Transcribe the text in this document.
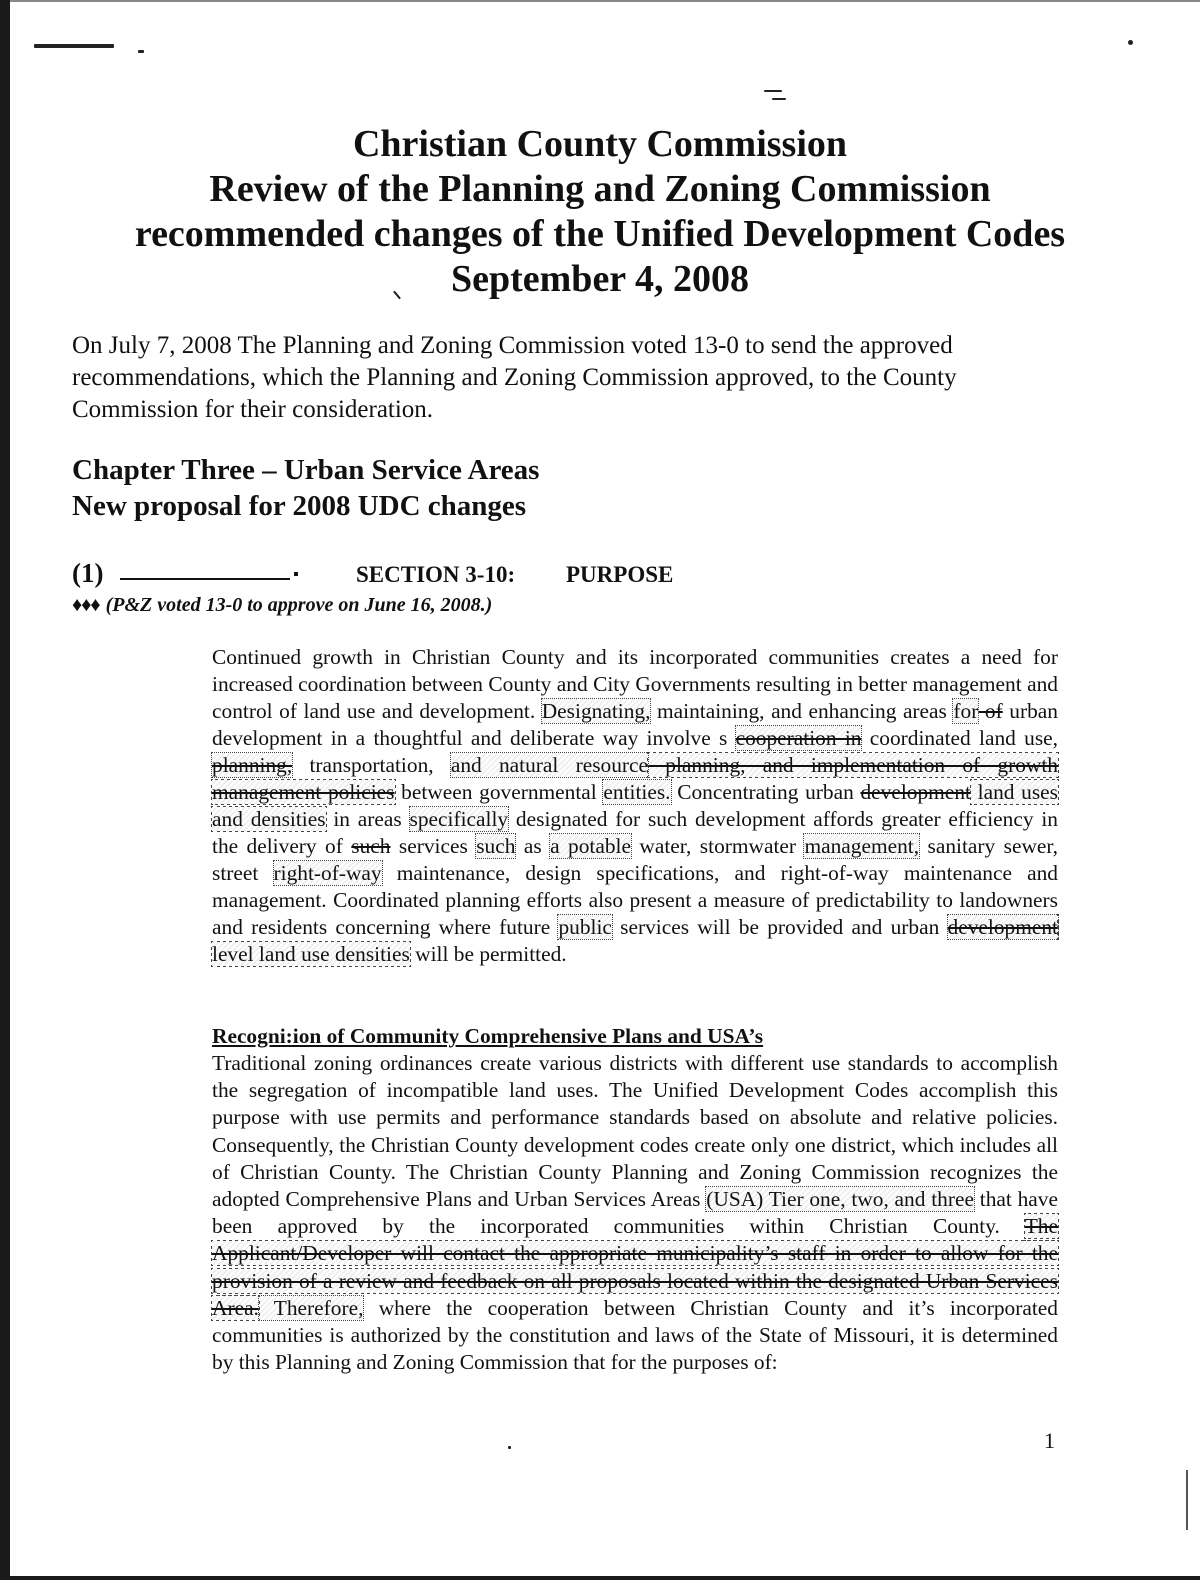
Christian County Commission
Review of the Planning and Zoning Commission
recommended changes of the Unified Development Codes
September 4, 2008
On July 7, 2008 The Planning and Zoning Commission voted 13-0 to send the approved recommendations, which the Planning and Zoning Commission approved, to the County Commission for their consideration.
Chapter Three – Urban Service Areas
New proposal for 2008 UDC changes
(1)	SECTION 3-10: PURPOSE
♦♦♦ (P&Z voted 13-0 to approve on June 16, 2008.)

Continued growth in Christian County and its incorporated communities creates a need for increased coordination between County and City Governments resulting in better management and control of land use and development. Designating, maintaining, and enhancing areas for of urban development in a thoughtful and deliberate way involve s cooperation in coordinated land use, planning, transportation, and natural resource planning, and implementation of growth management policies between governmental entities. Concentrating urban development land uses and densities in areas specifically designated for such development affords greater efficiency in the delivery of such services such as a potable water, stormwater management, sanitary sewer, street right-of-way maintenance, design specifications, and right-of-way maintenance and management. Coordinated planning efforts also present a measure of predictability to landowners and residents concerning where future public services will be provided and urban development level land use densities will be permitted.

Recogni:ion of Community Comprehensive Plans and USA’s

Traditional zoning ordinances create various districts with different use standards to accomplish the segregation of incompatible land uses. The Unified Development Codes accomplish this purpose with use permits and performance standards based on absolute and relative policies. Consequently, the Christian County development codes create only one district, which includes all of Christian County. The Christian County Planning and Zoning Commission recognizes the adopted Comprehensive Plans and Urban Services Areas (USA) Tier one, two, and three that have been approved by the incorporated communities within Christian County. The Applicant/Developer will contact the appropriate municipality’s staff in order to allow for the provision of a review and feedback on all proposals located within the designated Urban Services Area. Therefore, where the cooperation between Christian County and it’s incorporated communities is authorized by the constitution and laws of the State of Missouri, it is determined by this Planning and Zoning Commission that for the purposes of:

1
